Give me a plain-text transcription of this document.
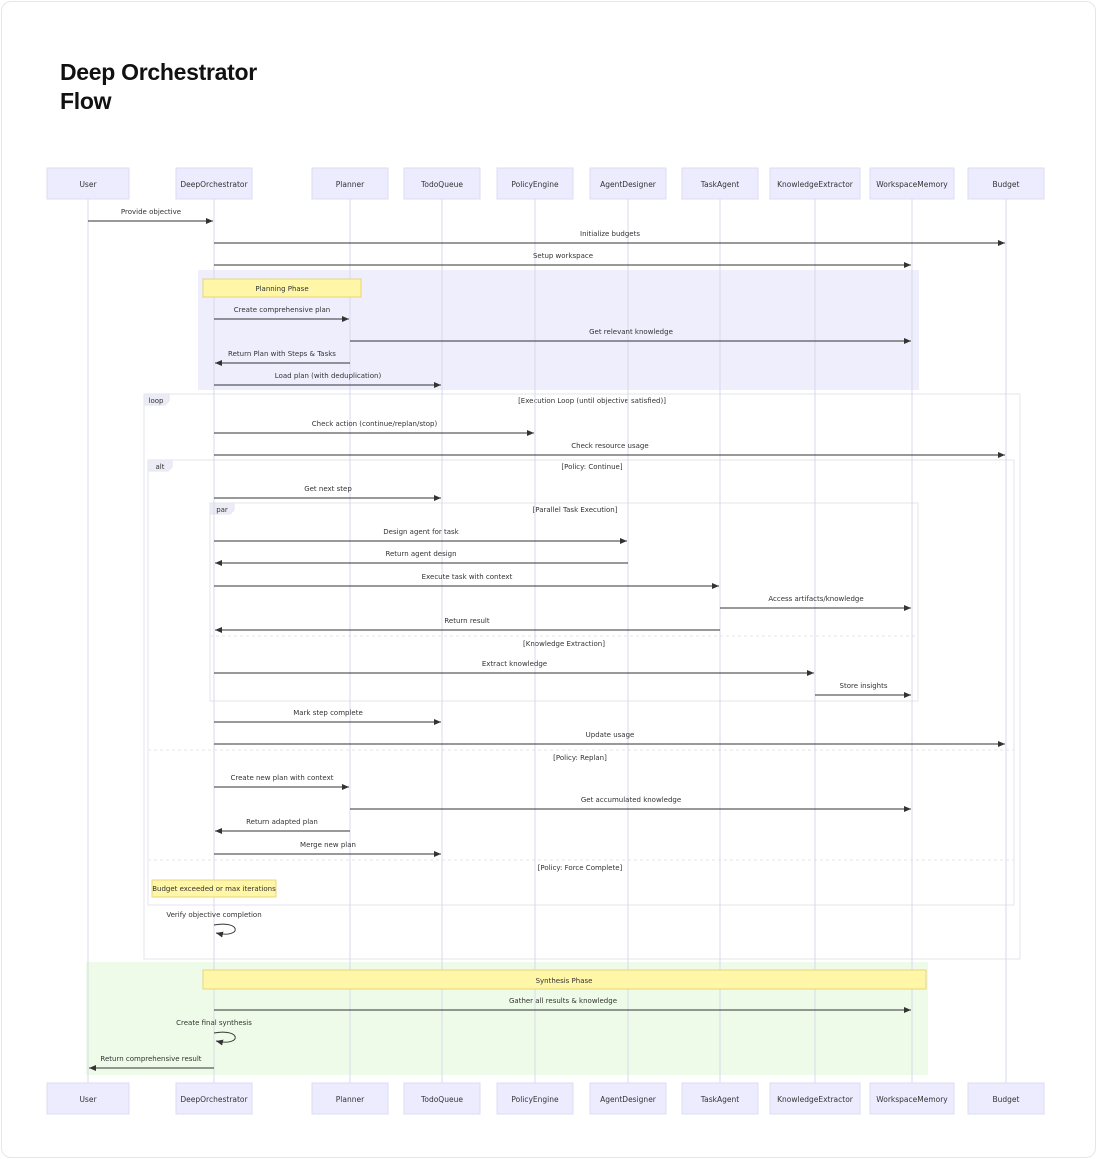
Deep Orchestrator
Flow
loop	[Execution Loop (until objective satisfied)]
alt	[Policy: Continue]
[Policy: Replan]
[Policy: Force Complete]
par	[Parallel Task Execution]
[Knowledge Extraction]
User	DeepOrchestrator	Planner	TodoQueue	PolicyEngine	AgentDesigner	TaskAgent	KnowledgeExtractor	WorkspaceMemory	Budget
User	DeepOrchestrator	Planner	TodoQueue	PolicyEngine	AgentDesigner	TaskAgent	KnowledgeExtractor	WorkspaceMemory	Budget
Planning Phase
Budget exceeded or max iterations
Synthesis Phase
Provide objective
Initialize budgets
Setup workspace
Create comprehensive plan
Get relevant knowledge
Return Plan with Steps & Tasks
Load plan (with deduplication)
Check action (continue/replan/stop)
Check resource usage
Get next step
Design agent for task
Return agent design
Execute task with context
Access artifacts/knowledge
Return result
Extract knowledge
Store insights
Mark step complete
Update usage
Create new plan with context
Get accumulated knowledge
Return adapted plan
Merge new plan
Verify objective completion
Gather all results & knowledge
Create final synthesis
Return comprehensive result
